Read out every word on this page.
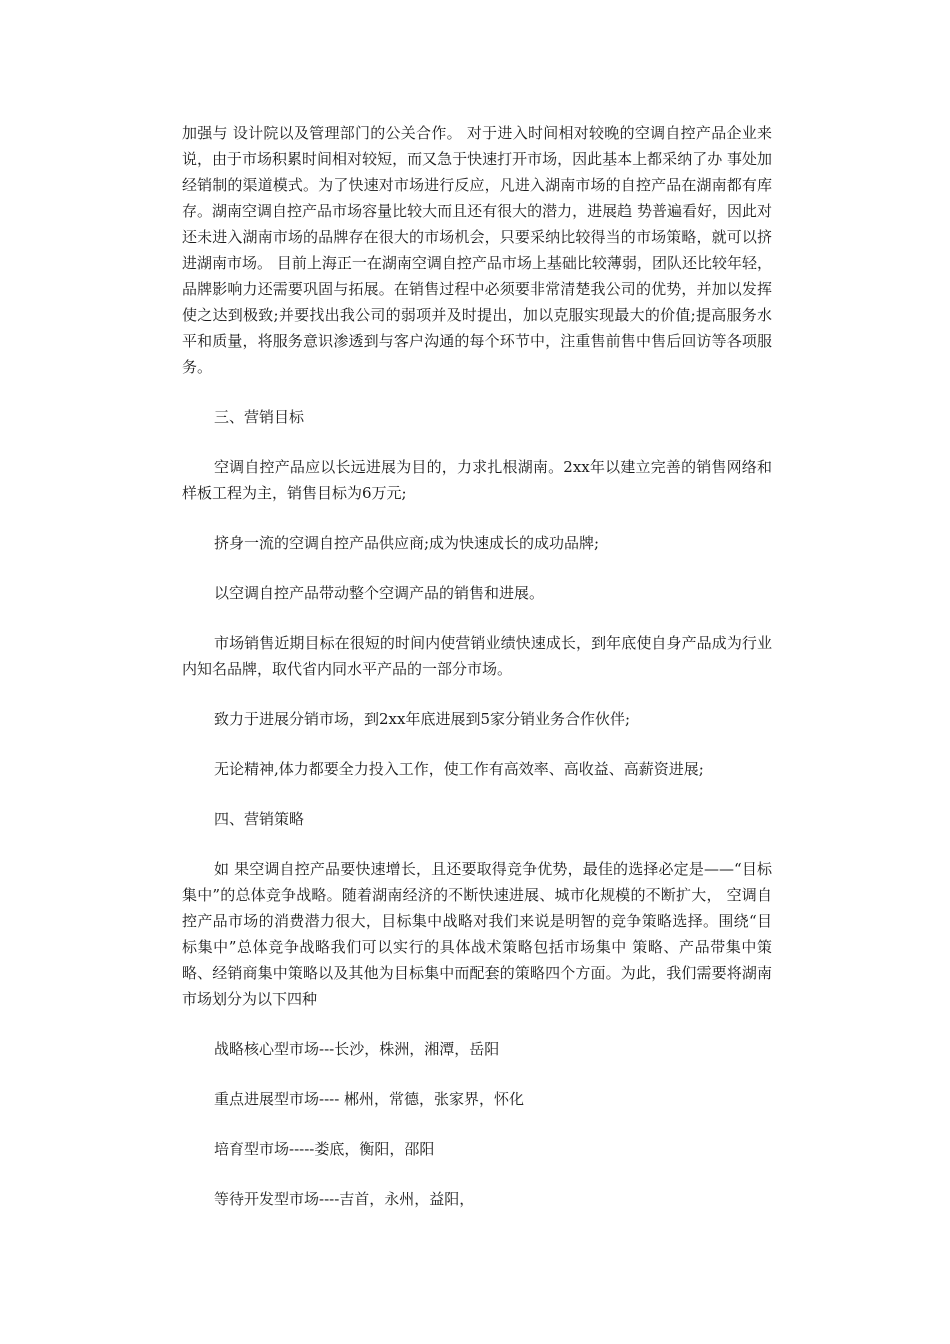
加强与 设计院以及管理部门的公关合作。 对于进入时间相对较晚的空调自控产品企业来说，由于市场积累时间相对较短，而又急于快速打开市场，因此基本上都采纳了办 事处加经销制的渠道模式。为了快速对市场进行反应，凡进入湖南市场的自控产品在湖南都有库存。湖南空调自控产品市场容量比较大而且还有很大的潜力，进展趋 势普遍看好，因此对还未进入湖南市场的品牌存在很大的市场机会，只要采纳比较得当的市场策略，就可以挤进湖南市场。 目前上海正一在湖南空调自控产品市场上基础比较薄弱，团队还比较年轻，品牌影响力还需要巩固与拓展。在销售过程中必须要非常清楚我公司的优势，并加以发挥使之达到极致;并要找出我公司的弱项并及时提出，加以克服实现最大的价值;提高服务水平和质量，将服务意识渗透到与客户沟通的每个环节中，注重售前售中售后回访等各项服务。

三、营销目标

空调自控产品应以长远进展为目的，力求扎根湖南。2xx年以建立完善的销售网络和样板工程为主，销售目标为6万元;

挤身一流的空调自控产品供应商;成为快速成长的成功品牌;

以空调自控产品带动整个空调产品的销售和进展。

市场销售近期目标在很短的时间内使营销业绩快速成长，到年底使自身产品成为行业内知名品牌，取代省内同水平产品的一部分市场。

致力于进展分销市场，到2xx年底进展到5家分销业务合作伙伴;

无论精神,体力都要全力投入工作，使工作有高效率、高收益、高薪资进展;

四、营销策略

如 果空调自控产品要快速增长，且还要取得竞争优势，最佳的选择必定是——“目标集中”的总体竞争战略。随着湖南经济的不断快速进展、城市化规模的不断扩大， 空调自控产品市场的消费潜力很大，目标集中战略对我们来说是明智的竞争策略选择。围绕“目标集中”总体竞争战略我们可以实行的具体战术策略包括市场集中 策略、产品带集中策略、经销商集中策略以及其他为目标集中而配套的策略四个方面。为此，我们需要将湖南市场划分为以下四种

战略核心型市场---长沙，株洲，湘潭，岳阳

重点进展型市场---- 郴州，常德，张家界，怀化

培育型市场-----娄底，衡阳，邵阳

等待开发型市场----吉首，永州，益阳，
